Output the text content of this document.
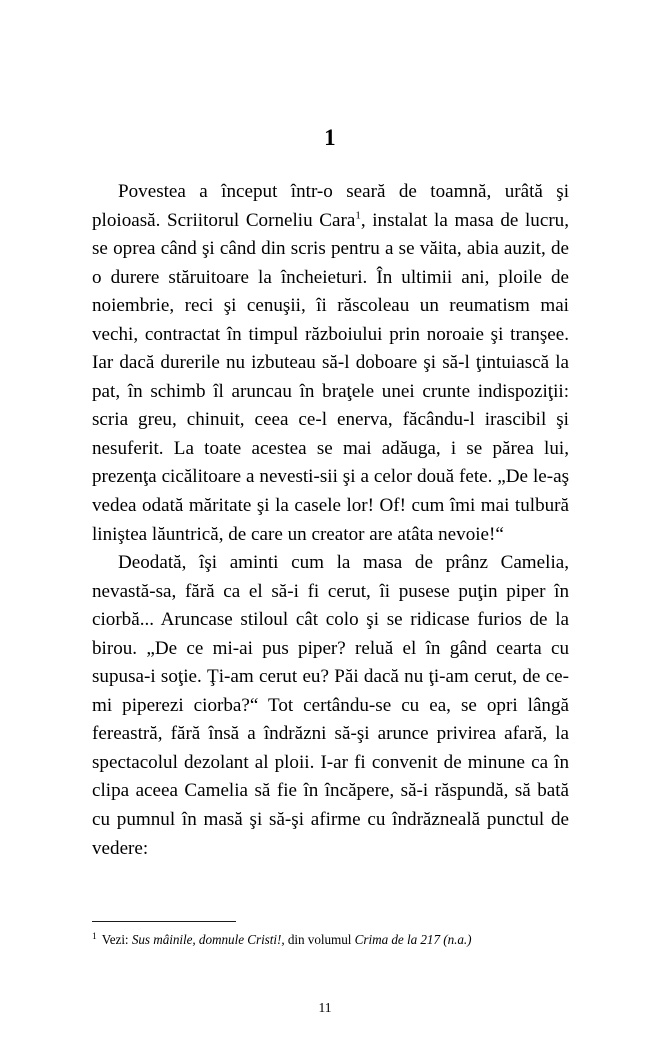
1

Povestea a început într-o seară de toamnă, urâtă şi ploioasă. Scriitorul Corneliu Cara$^1$, instalat la masa de lucru, se oprea când şi când din scris pentru a se văita, abia auzit, de o durere stăruitoare la încheieturi. În ultimii ani, ploile de noiembrie, reci şi cenuşii, îi răscoleau un reumatism mai vechi, contractat în timpul războiului prin noroaie şi tranşee. Iar dacă durerile nu izbuteau să-l doboare şi să-l ţintuiască la pat, în schimb îl aruncau în braţele unei crunte indispoziţii: scria greu, chinuit, ceea ce-l enerva, făcându-l irascibil şi nesuferit. La toate acestea se mai adăuga, i se părea lui, prezenţa cicălitoare a nevesti-sii şi a celor două fete. „De le-aş vedea odată măritate şi la casele lor! Of! cum îmi mai tulbură liniştea lăuntrică, de care un creator are atâta nevoie!“

Deodată, îşi aminti cum la masa de prânz Camelia, nevastă-sa, fără ca el să-i fi cerut, îi pusese puţin piper în ciorbă... Aruncase stiloul cât colo şi se ridicase furios de la birou. „De ce mi-ai pus piper? reluă el în gând cearta cu supusa-i soţie. Ţi-am cerut eu? Păi dacă nu ţi-am cerut, de ce-mi piperezi ciorba?“ Tot certându-se cu ea, se opri lângă fereastră, fără însă a îndrăzni să-şi arunce privirea afară, la spectacolul dezolant al ploii. I-ar fi convenit de minune ca în clipa aceea Camelia să fie în încăpere, să-i răspundă, să bată cu pumnul în masă şi să-şi afirme cu îndrăzneală punctul de vedere:

$^1$ Vezi: Sus mâinile, domnule Cristi!, din volumul Crima de la 217 (n.a.)
11
